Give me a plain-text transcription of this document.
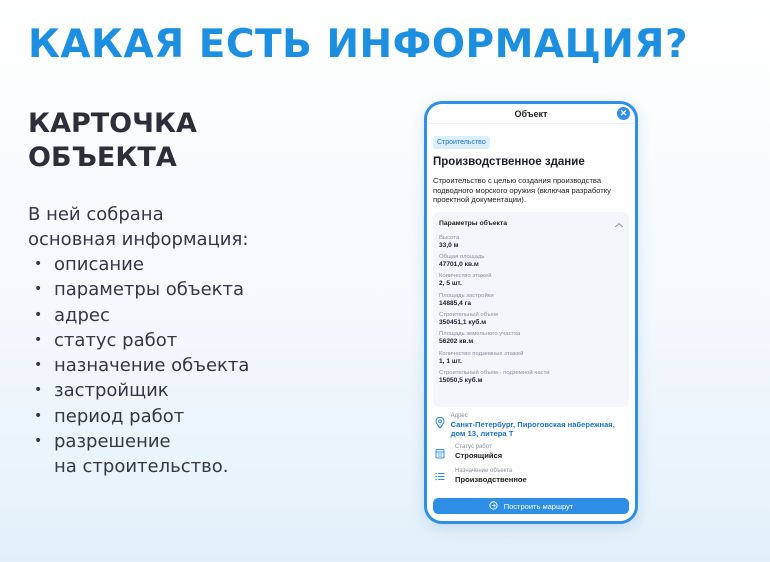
КАКАЯ ЕСТЬ ИНФОРМАЦИЯ?
КАРТОЧКА
ОБЪЕКТА
В ней собрана
основная информация:
• описание
• параметры объекта
• адрес
• статус работ
• назначение объекта
• застройщик
• период работ
• разрешение
на строительство.
Объект	✕
Строительство
Производственное здание
Строительство с целью создания производства подводного морского оружия (включая разработку проектной документации).
Параметры объекта	︿
Высота
33,0 м
Общая площадь
47701,0 кв.м
Количество этажей
2, 5 шт.
Площадь застройки
14885,4 га
Строительный объем
350451,1 куб.м
Площадь земельного участка
56202 кв.м
Количество подземных этажей
1, 1 шт.
Строительный объем - подземной части
15050,5 куб.м
Адрес
Санкт-Петербург, Пироговская набережная, дом 13, литера Т
Статус работ
Строящийся
Назначение объекта
Производственное
Построить маршрут
